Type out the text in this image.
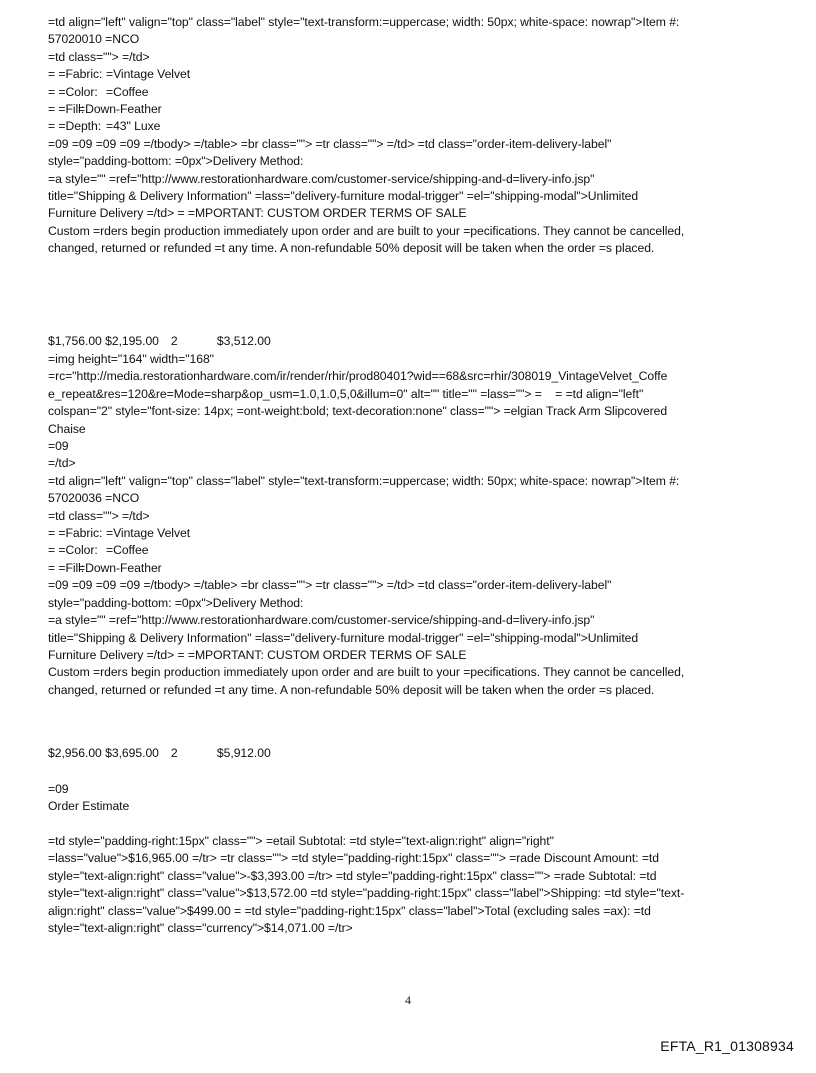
=td align="left" valign="top" class="label" style="text-transform:=uppercase; width: 50px; white-space: nowrap">Item #:
57020010 =NCO
=td class=""> =/td>
= =Fabric: =Vintage Velvet
= =Color: =Coffee
= =Fill:=Down-Feather
= =Depth: =43" Luxe
=09 =09 =09 =09 =/tbody> =/table> =br class=""> =tr class=""> =/td> =td class="order-item-delivery-label"
style="padding-bottom: =0px">Delivery Method:
=a style="" =ref="http://www.restorationhardware.com/customer-service/shipping-and-d=livery-info.jsp"
title="Shipping & Delivery Information" =lass="delivery-furniture modal-trigger" =el="shipping-modal">Unlimited
Furniture Delivery =/td> = =MPORTANT: CUSTOM ORDER TERMS OF SALE
Custom =rders begin production immediately upon order and are built to your =pecifications. They cannot be cancelled,
changed, returned or refunded =t any time. A non-refundable 50% deposit will be taken when the order =s placed.
$1,756.00 $2,195.00 2	$3,512.00
=img height="164" width="168"
=rc="http://media.restorationhardware.com/ir/render/rhir/prod80401?wid==68&src=rhir/308019_VintageVelvet_Coffe
e_repeat&res=120&re=Mode=sharp&op_usm=1.0,1.0,5,0&illum=0" alt="" title="" =lass=""> =    = =td align="left"
colspan="2" style="font-size: 14px; =ont-weight:bold; text-decoration:none" class=""> =elgian Track Arm Slipcovered
Chaise
=09
=/td>
=td align="left" valign="top" class="label" style="text-transform:=uppercase; width: 50px; white-space: nowrap">Item #:
57020036 =NCO
=td class=""> =/td>
= =Fabric: =Vintage Velvet
= =Color: =Coffee
= =Fill:=Down-Feather
=09 =09 =09 =09 =/tbody> =/table> =br class=""> =tr class=""> =/td> =td class="order-item-delivery-label"
style="padding-bottom: =0px">Delivery Method:
=a style="" =ref="http://www.restorationhardware.com/customer-service/shipping-and-d=livery-info.jsp"
title="Shipping & Delivery Information" =lass="delivery-furniture modal-trigger" =el="shipping-modal">Unlimited
Furniture Delivery =/td> = =MPORTANT: CUSTOM ORDER TERMS OF SALE
Custom =rders begin production immediately upon order and are built to your =pecifications. They cannot be cancelled,
changed, returned or refunded =t any time. A non-refundable 50% deposit will be taken when the order =s placed.
$2,956.00 $3,695.00 2	$5,912.00
=09
Order Estimate
=td style="padding-right:15px" class=""> =etail Subtotal: =td style="text-align:right" align="right"
=lass="value">$16,965.00 =/tr> =tr class=""> =td style="padding-right:15px" class=""> =rade Discount Amount: =td
style="text-align:right" class="value">-$3,393.00 =/tr> =td style="padding-right:15px" class=""> =rade Subtotal: =td
style="text-align:right" class="value">$13,572.00 =td style="padding-right:15px" class="label">Shipping: =td style="text-
align:right" class="value">$499.00 = =td style="padding-right:15px" class="label">Total (excluding sales =ax): =td
style="text-align:right" class="currency">$14,071.00 =/tr>
4
EFTA_R1_01308934
